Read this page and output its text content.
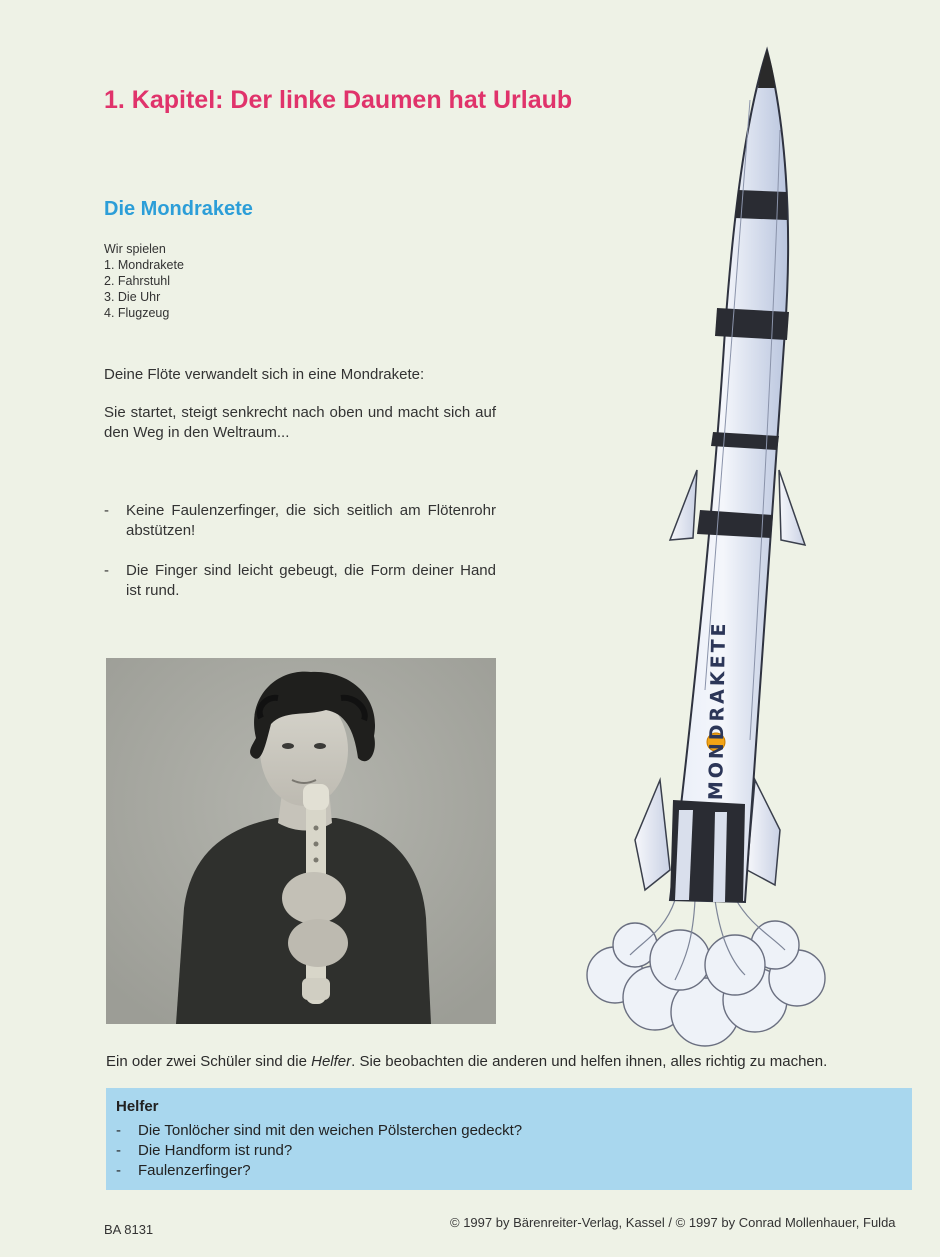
1. Kapitel: Der linke Daumen hat Urlaub
Die Mondrakete
Wir spielen
1. Mondrakete
2. Fahrstuhl
3. Die Uhr
4. Flugzeug
Deine Flöte verwandelt sich in eine Mondrakete:
Sie startet, steigt senkrecht nach oben und macht sich auf den Weg in den Weltraum...
-	Keine Faulenzerfinger, die sich seitlich am Flötenrohr abstützen!
-	Die Finger sind leicht gebeugt, die Form deiner Hand ist rund.
MONDRAKETE
Ein oder zwei Schüler sind die Helfer. Sie beobachten die anderen und helfen ihnen, alles richtig zu machen.
Helfer
-	Die Tonlöcher sind mit den weichen Pölsterchen gedeckt?
-	Die Handform ist rund?
-	Faulenzerfinger?
BA 8131	© 1997 by Bärenreiter-Verlag, Kassel / © 1997 by Conrad Mollenhauer, Fulda
